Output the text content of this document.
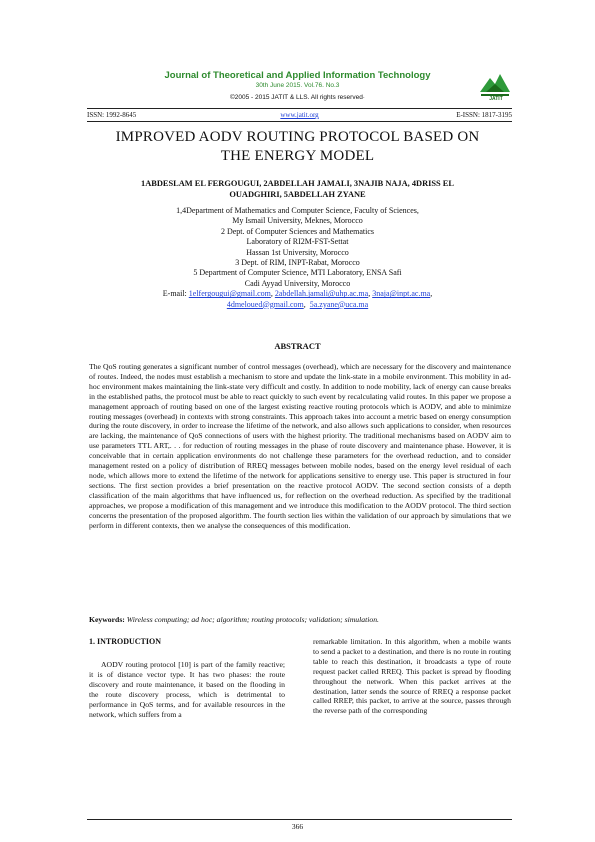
Journal of Theoretical and Applied Information Technology
30th June 2015. Vol.76. No.3
©2005 - 2015 JATIT & LLS. All rights reserved·	JATIT
ISSN: 1992-8645	www.jatit.org	E-ISSN: 1817-3195
IMPROVED AODV ROUTING PROTOCOL BASED ON
THE ENERGY MODEL
1ABDESLAM EL FERGOUGUI, 2ABDELLAH JAMALI, 3NAJIB NAJA, 4DRISS EL
OUADGHIRI, 5ABDELLAH ZYANE
1,4Department of Mathematics and Computer Science, Faculty of Sciences,
My Ismail University, Meknes, Morocco
2 Dept. of Computer Sciences and Mathematics
Laboratory of RI2M-FST-Settat
Hassan 1st University, Morocco
3 Dept. of RIM, INPT-Rabat, Morocco
5 Department of Computer Science, MTI Laboratory, ENSA Safi
Cadi Ayyad University, Morocco
E-mail: 1elfergougui@gmail.com, 2abdellah.jamali@uhp.ac.ma, 3naja@inpt.ac.ma,
4dmeloued@gmail.com,  5a.zyane@uca.ma
ABSTRACT
The QoS routing generates a significant number of control messages (overhead), which are necessary for the discovery and maintenance of routes. Indeed, the nodes must establish a mechanism to store and update the link-state in a mobile environment. This mobility in ad-hoc environment makes maintaining the link-state very difficult and costly. In addition to node mobility, lack of energy can cause breaks in the established paths, the protocol must be able to react quickly to such event by recalculating valid routes. In this paper we propose a management approach of routing based on one of the largest existing reactive routing protocols which is AODV, and able to minimize routing messages (overhead) in contexts with strong constraints. This approach takes into account a metric based on energy consumption during the route discovery, in order to increase the lifetime of the network, and also allows such applications to consider, when resources are lacking, the maintenance of QoS connections of users with the highest priority. The traditional mechanisms based on AODV aim to use parameters TTL ART,. . . for reduction of routing messages in the phase of route discovery and maintenance phase. However, it is conceivable that in certain application environments do not challenge these parameters for the overhead reduction, and to consider management rested on a policy of distribution of RREQ messages between mobile nodes, based on the energy level residual of each node, which allows more to extend the lifetime of the network for applications sensitive to energy use. This paper is structured in four sections. The first section provides a brief presentation on the reactive protocol AODV. The second section consists of a depth classification of the main algorithms that have influenced us, for reflection on the overhead reduction. As specified by the traditional approaches, we propose a modification of this management and we introduce this modification to the AODV protocol. The third section concerns the presentation of the proposed algorithm. The fourth section lies within the validation of our approach by simulations that we perform in different contexts, then we analyse the consequences of this modification.
Keywords: Wireless computing; ad hoc; algorithm; routing protocols; validation; simulation.
1. INTRODUCTION

AODV routing protocol [10] is part of the family reactive; it is of distance vector type. It has two phases: the route discovery and route maintenance, it based on the flooding in the route discovery process, which is detrimental to performance in QoS terms, and for available resources in the network, which suffers from a

remarkable limitation. In this algorithm, when a mobile wants to send a packet to a destination, and there is no route in routing table to reach this destination, it broadcasts a type of route request packet called RREQ. This packet is spread by flooding throughout the network. When this packet arrives at the destination, latter sends the source of RREQ a response packet called RREP, this packet, to arrive at the source, passes through the reverse path of the corresponding

366
